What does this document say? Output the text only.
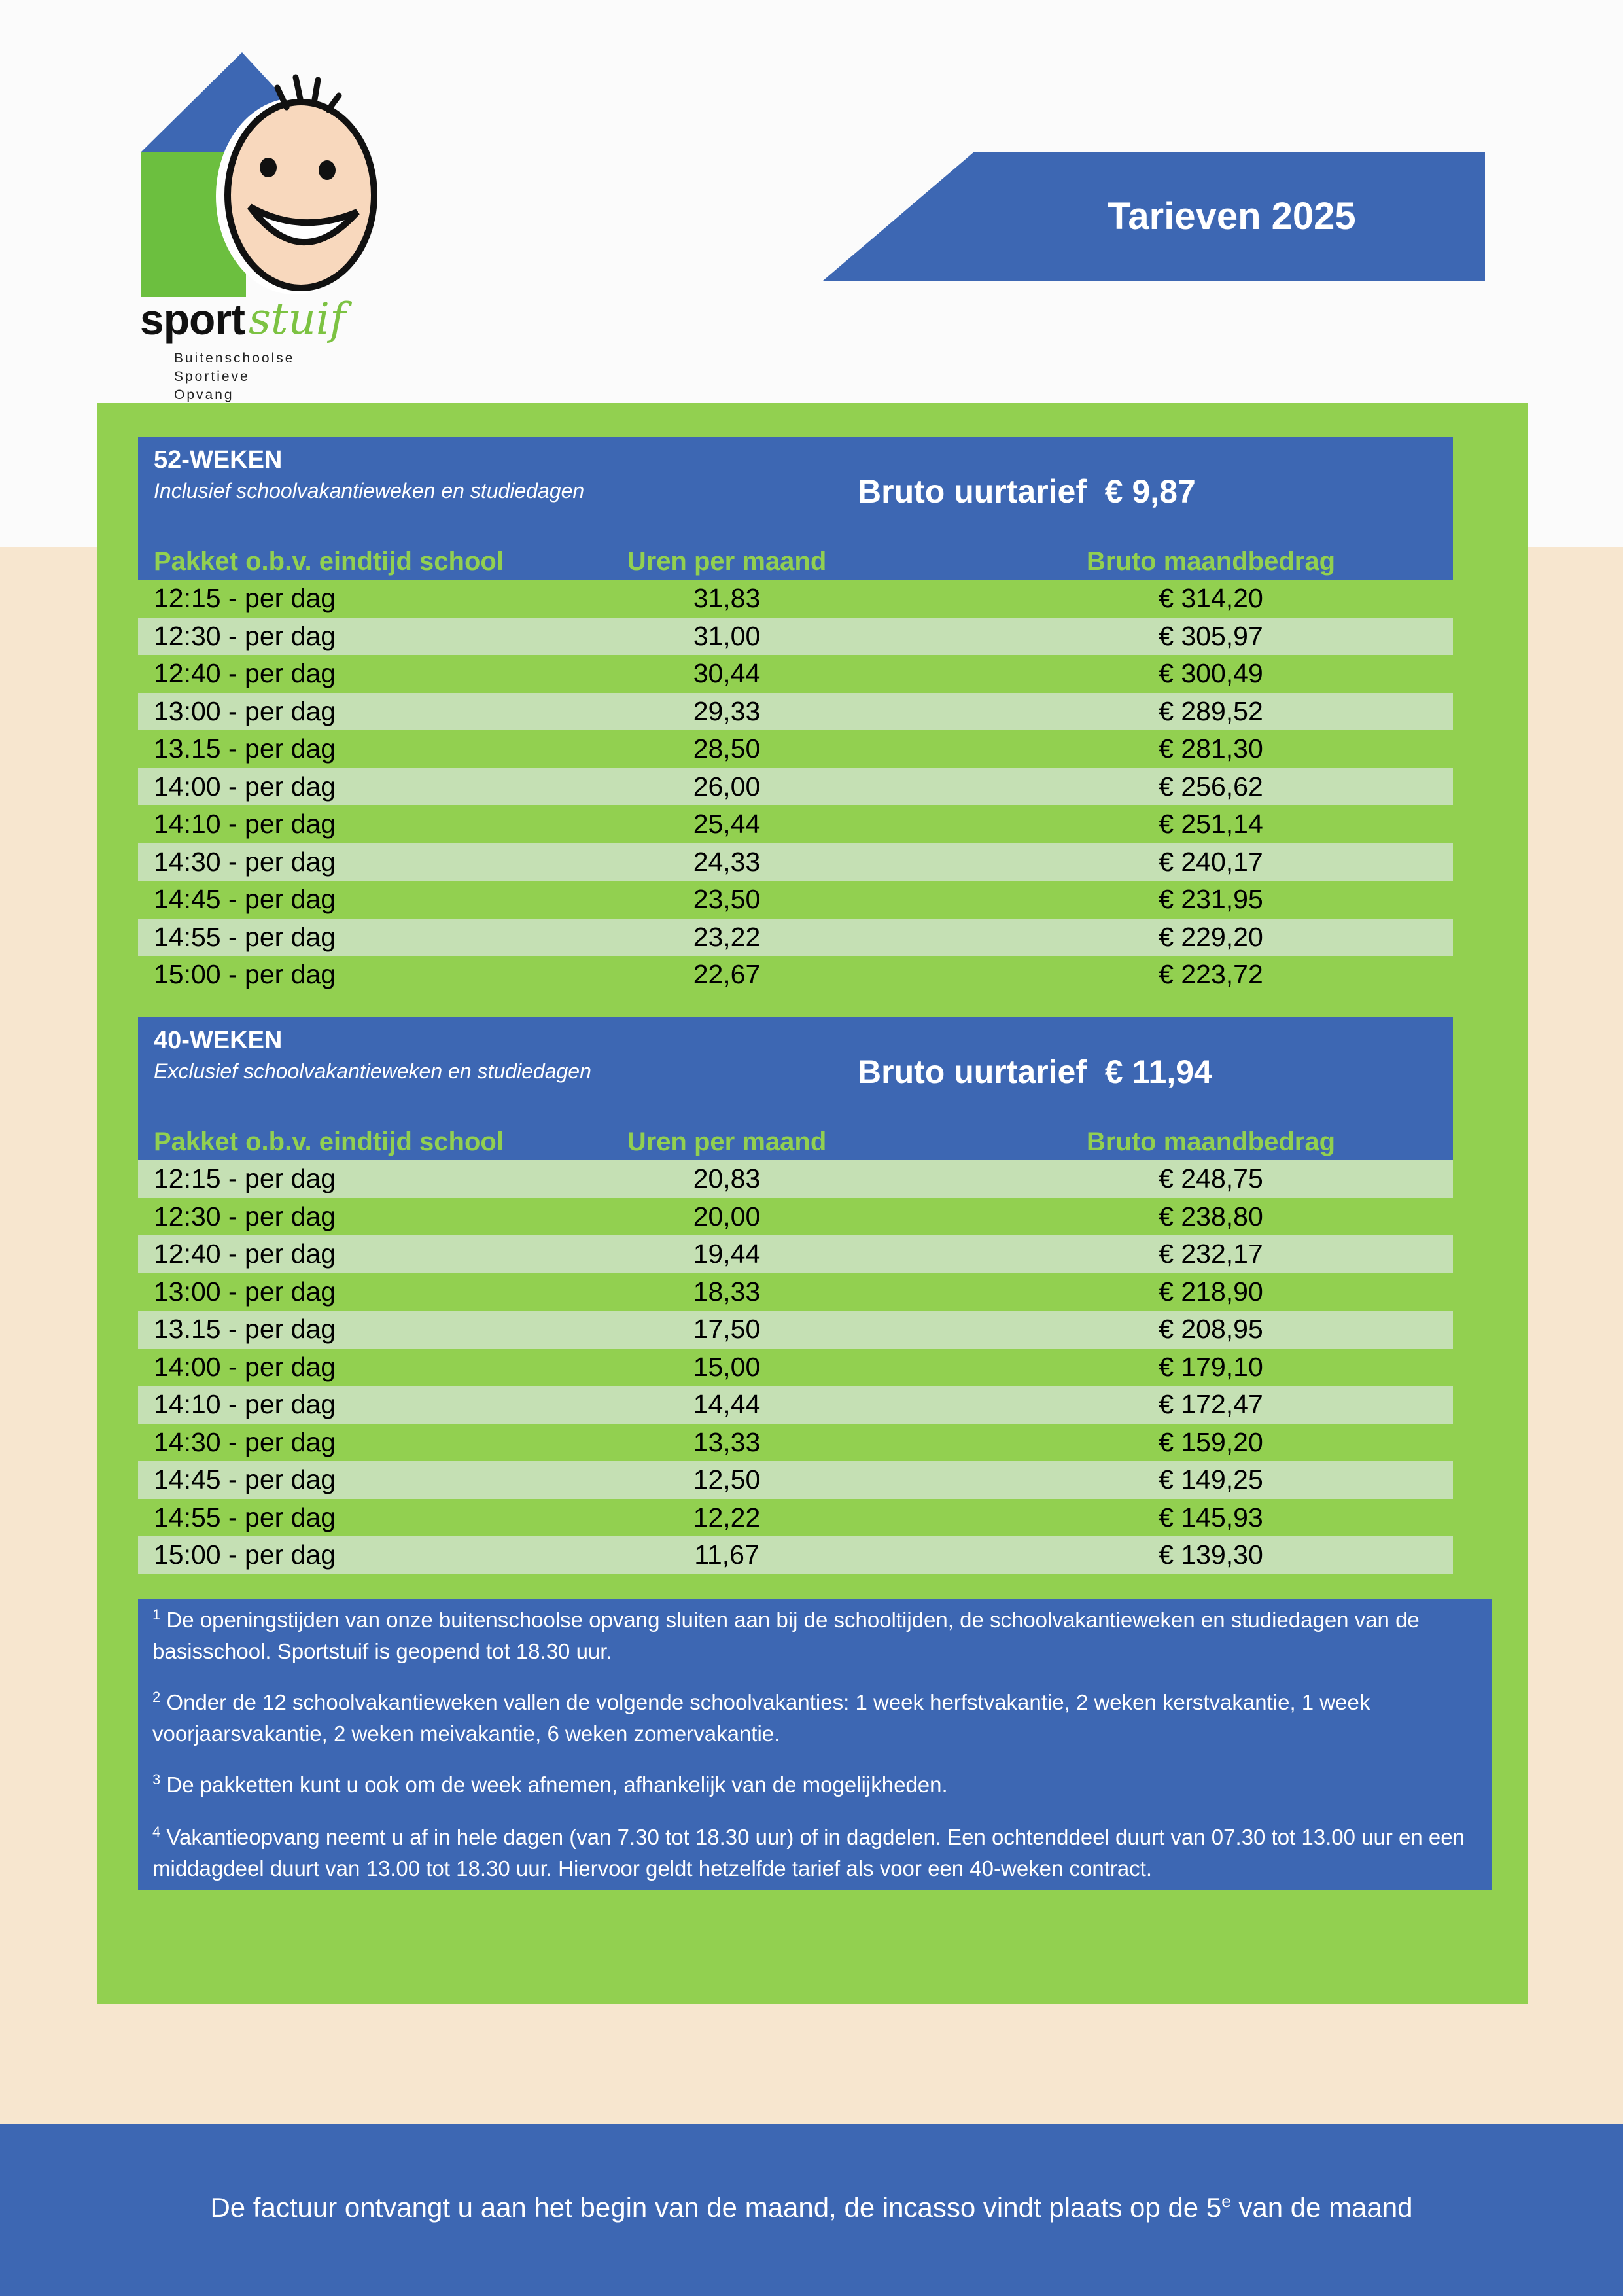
sport stuif
Buitenschoolse
Sportieve
Opvang
Tarieven 2025
52-WEKEN
Inclusief schoolvakantieweken en studiedagen	Bruto uurtarief  € 9,87
Pakket o.b.v. eindtijd school	Uren per maand	Bruto maandbedrag
12:15 - per dag	31,83	€ 314,20
12:30 - per dag	31,00	€ 305,97
12:40 - per dag	30,44	€ 300,49
13:00 - per dag	29,33	€ 289,52
13.15 - per dag	28,50	€ 281,30
14:00 - per dag	26,00	€ 256,62
14:10 - per dag	25,44	€ 251,14
14:30 - per dag	24,33	€ 240,17
14:45 - per dag	23,50	€ 231,95
14:55 - per dag	23,22	€ 229,20
15:00 - per dag	22,67	€ 223,72
40-WEKEN
Exclusief schoolvakantieweken en studiedagen	Bruto uurtarief  € 11,94
Pakket o.b.v. eindtijd school	Uren per maand	Bruto maandbedrag
12:15 - per dag	20,83	€ 248,75
12:30 - per dag	20,00	€ 238,80
12:40 - per dag	19,44	€ 232,17
13:00 - per dag	18,33	€ 218,90
13.15 - per dag	17,50	€ 208,95
14:00 - per dag	15,00	€ 179,10
14:10 - per dag	14,44	€ 172,47
14:30 - per dag	13,33	€ 159,20
14:45 - per dag	12,50	€ 149,25
14:55 - per dag	12,22	€ 145,93
15:00 - per dag	11,67	€ 139,30
$^1$ De openingstijden van onze buitenschoolse opvang sluiten aan bij de schooltijden, de schoolvakantieweken en studiedagen van de basisschool. Sportstuif is geopend tot 18.30 uur.
$^2$ Onder de 12 schoolvakantieweken vallen de volgende schoolvakanties: 1 week herfstvakantie, 2 weken kerstvakantie, 1 week voorjaarsvakantie, 2 weken meivakantie, 6 weken zomervakantie.
$^3$ De pakketten kunt u ook om de week afnemen, afhankelijk van de mogelijkheden.
$^4$ Vakantieopvang neemt u af in hele dagen (van 7.30 tot 18.30 uur) of in dagdelen. Een ochtenddeel duurt van 07.30 tot 13.00 uur en een middagdeel duurt van 13.00 tot 18.30 uur. Hiervoor geldt hetzelfde tarief als voor een 40-weken contract.
De factuur ontvangt u aan het begin van de maand, de incasso vindt plaats op de 5e van de maand
